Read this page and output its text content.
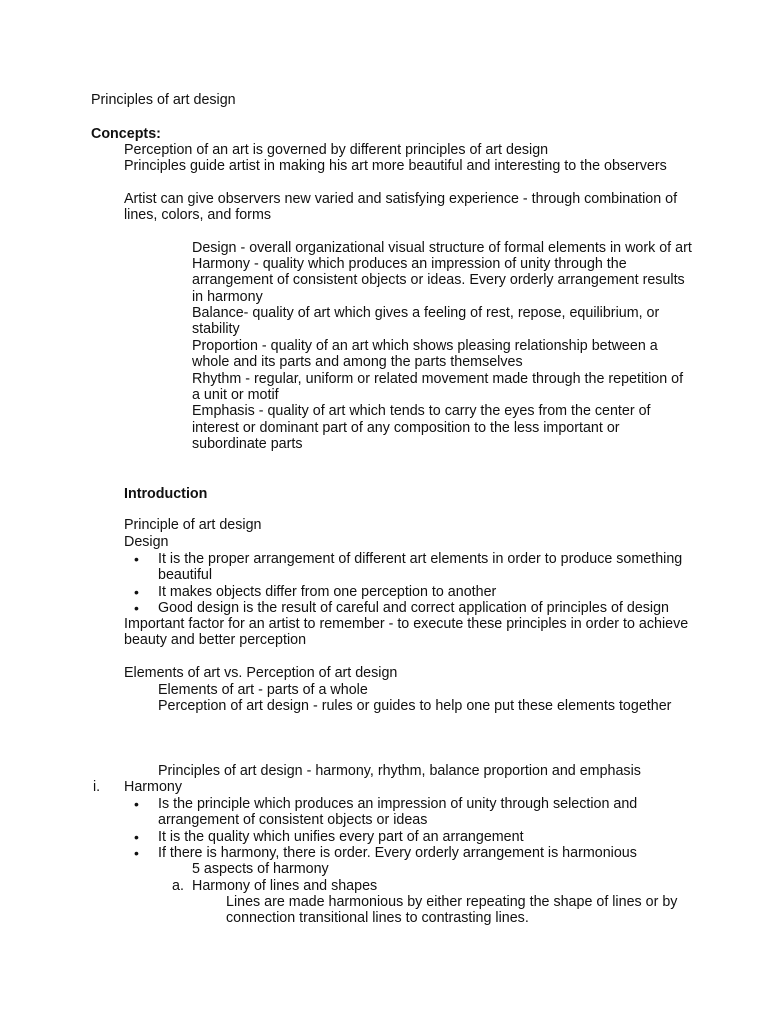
Principles of art design
Concepts:
Perception of an art is governed by different principles of art design
Principles guide artist in making his art more beautiful and interesting to the observers
Artist can give observers new varied and satisfying experience - through combination of
lines, colors, and forms
Design - overall organizational visual structure of formal elements in work of art
Harmony - quality which produces an impression of unity through the
arrangement of consistent objects or ideas. Every orderly arrangement results
in harmony
Balance- quality of art which gives a feeling of rest, repose, equilibrium, or
stability
Proportion - quality of an art which shows pleasing relationship between a
whole and its parts and among the parts themselves
Rhythm - regular, uniform or related movement made through the repetition of
a unit or motif
Emphasis - quality of art which tends to carry the eyes from the center of
interest or dominant part of any composition to the less important or
subordinate parts
Introduction
Principle of art design
Design
• It is the proper arrangement of different art elements in order to produce something
beautiful
• It makes objects differ from one perception to another
• Good design is the result of careful and correct application of principles of design
Important factor for an artist to remember - to execute these principles in order to achieve
beauty and better perception
Elements of art vs. Perception of art design
Elements of art - parts of a whole
Perception of art design - rules or guides to help one put these elements together
Principles of art design - harmony, rhythm, balance proportion and emphasis
i. Harmony
• Is the principle which produces an impression of unity through selection and
arrangement of consistent objects or ideas
• It is the quality which unifies every part of an arrangement
• If there is harmony, there is order. Every orderly arrangement is harmonious
5 aspects of harmony
a. Harmony of lines and shapes
Lines are made harmonious by either repeating the shape of lines or by
connection transitional lines to contrasting lines.
